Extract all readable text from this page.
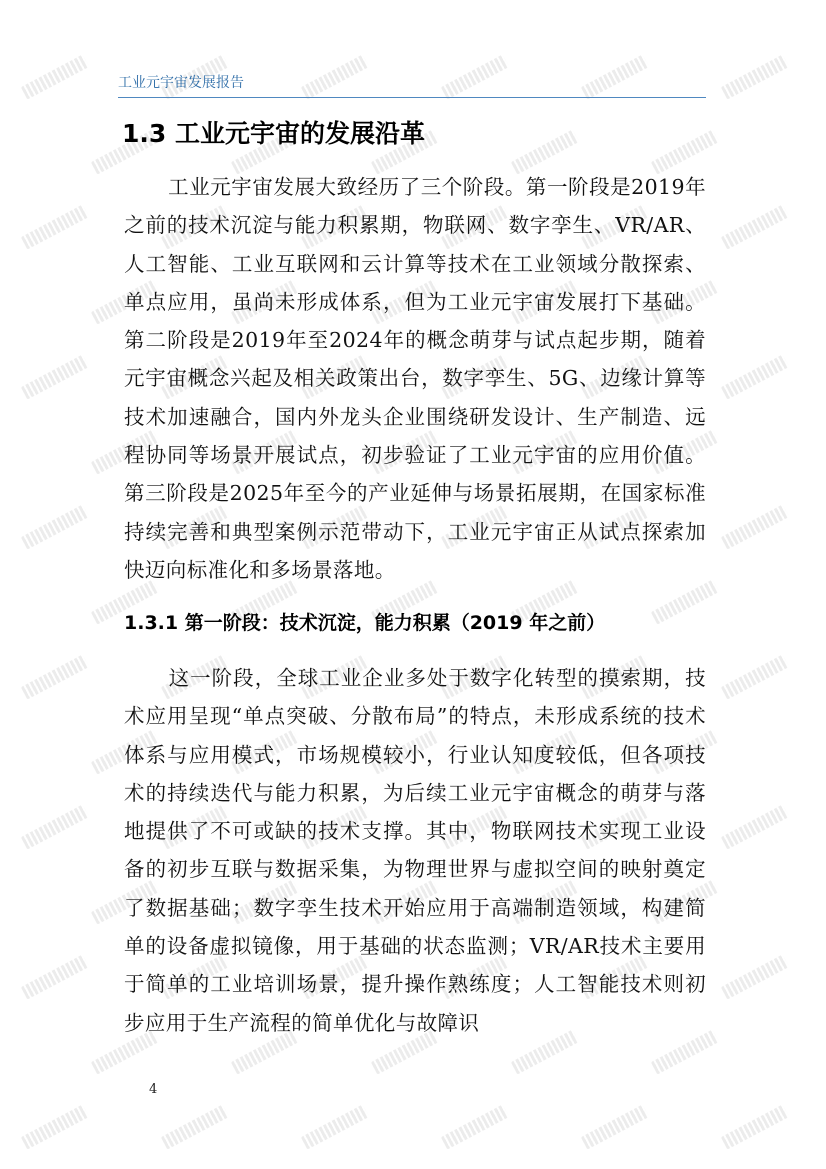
工业元宇宙发展报告
1.3 工业元宇宙的发展沿革

工业元宇宙发展大致经历了三个阶段。第一阶段是2019年之前的技术沉淀与能力积累期，物联网、数字孪生、VR/AR、人工智能、工业互联网和云计算等技术在工业领域分散探索、单点应用，虽尚未形成体系，但为工业元宇宙发展打下基础。第二阶段是2019年至2024年的概念萌芽与试点起步期，随着元宇宙概念兴起及相关政策出台，数字孪生、5G、边缘计算等技术加速融合，国内外龙头企业围绕研发设计、生产制造、远程协同等场景开展试点，初步验证了工业元宇宙的应用价值。第三阶段是2025年至今的产业延伸与场景拓展期，在国家标准持续完善和典型案例示范带动下，工业元宇宙正从试点探索加快迈向标准化和多场景落地。

1.3.1 第一阶段：技术沉淀，能力积累（2019 年之前）

这一阶段，全球工业企业多处于数字化转型的摸索期，技术应用呈现“单点突破、分散布局”的特点，未形成系统的技术体系与应用模式，市场规模较小，行业认知度较低，但各项技术的持续迭代与能力积累，为后续工业元宇宙概念的萌芽与落地提供了不可或缺的技术支撑。其中，物联网技术实现工业设备的初步互联与数据采集，为物理世界与虚拟空间的映射奠定了数据基础；数字孪生技术开始应用于高端制造领域，构建简单的设备虚拟镜像，用于基础的状态监测；VR/AR技术主要用于简单的工业培训场景，提升操作熟练度；人工智能技术则初步应用于生产流程的简单优化与故障识

4
